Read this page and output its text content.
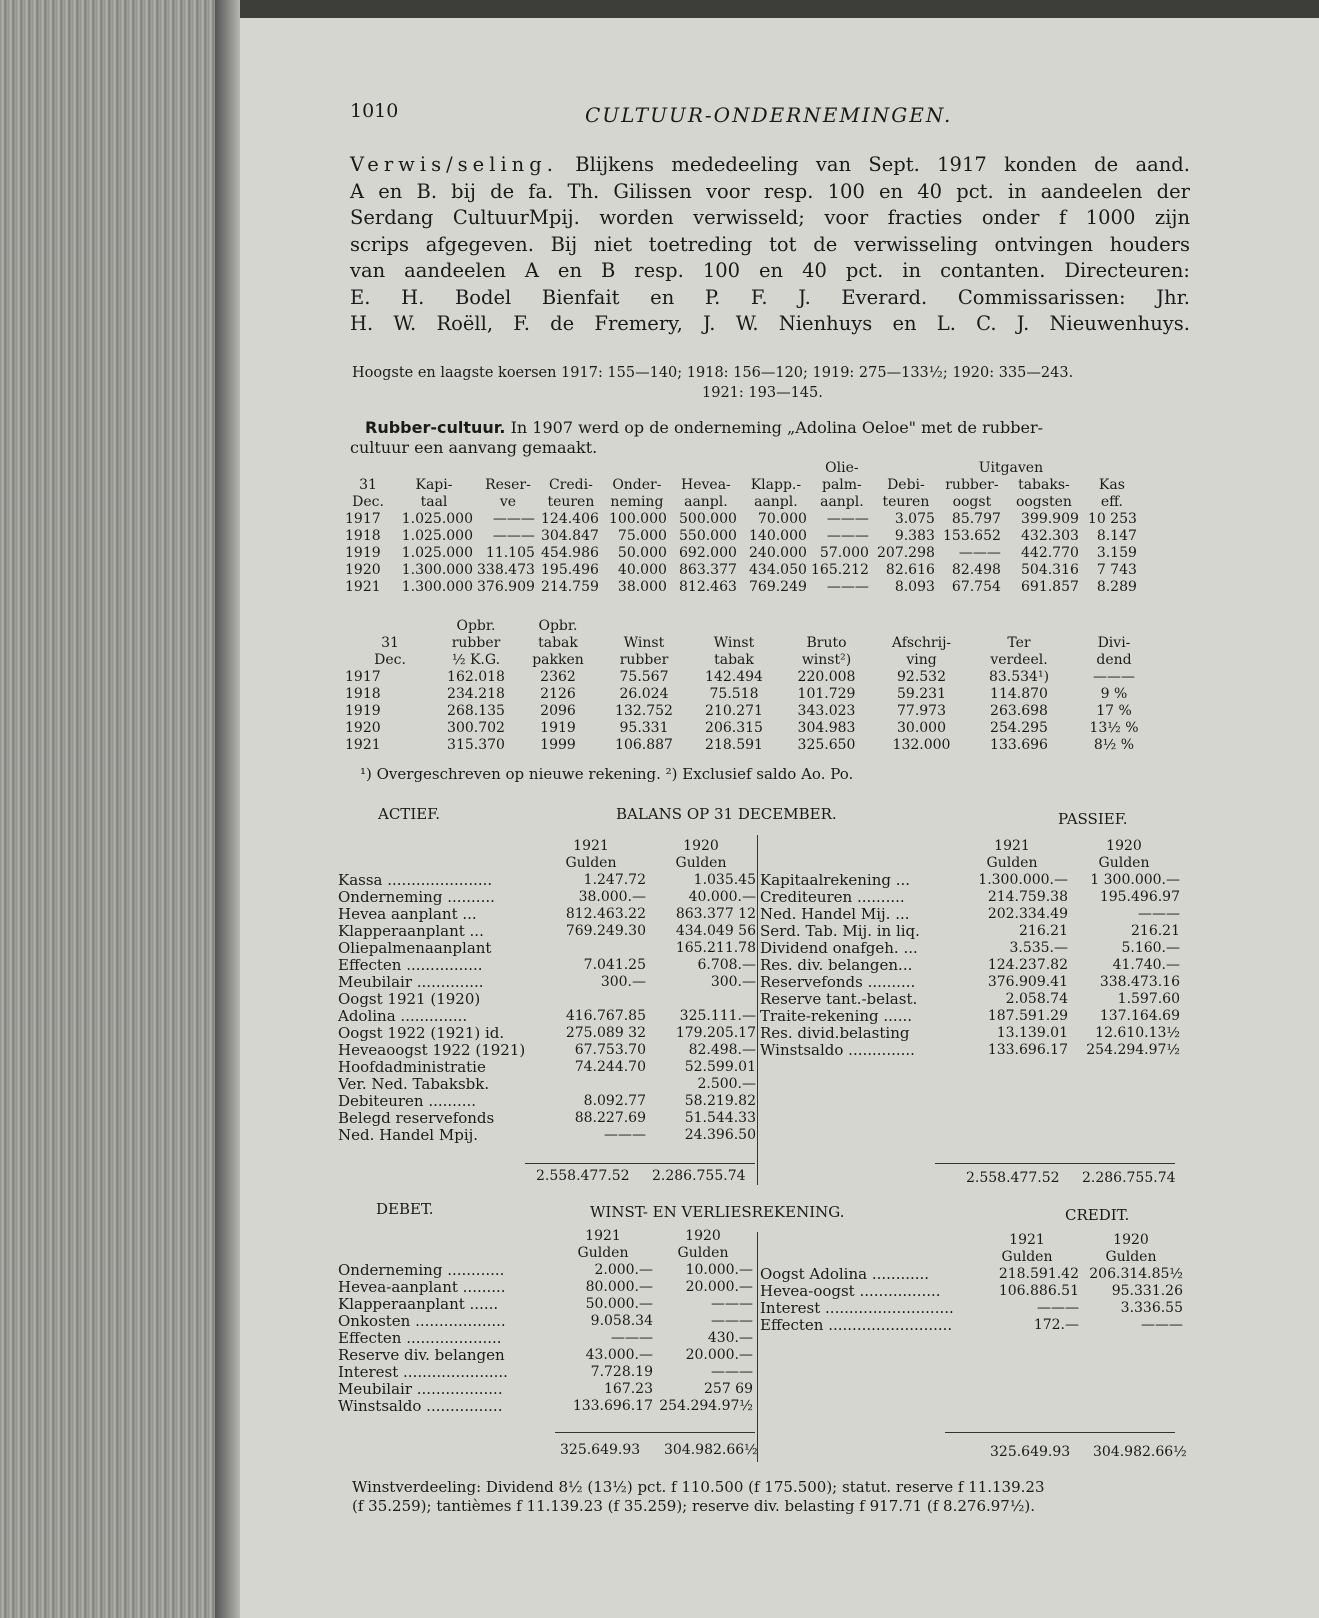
1010	CULTUUR-ONDERNEMINGEN.
Verwis/seling. Blijkens mededeeling van Sept. 1917 konden de aand.
A en B. bij de fa. Th. Gilissen voor resp. 100 en 40 pct. in aandeelen der
Serdang CultuurMpij. worden verwisseld; voor fracties onder f 1000 zijn
scrips afgegeven. Bij niet toetreding tot de verwisseling ontvingen houders
van aandeelen A en B resp. 100 en 40 pct. in contanten. Directeuren:
E. H. Bodel Bienfait en P. F. J. Everard. Commissarissen: Jhr.
H. W. Roëll, F. de Fremery, J. W. Nienhuys en L. C. J. Nieuwenhuys.
Hoogste en laagste koersen 1917: 155—140; 1918: 156—120; 1919: 275—133½; 1920: 335—243.
1921: 193—145.
Rubber-cultuur. In 1907 werd op de onderneming „Adolina Oeloe" met de rubber-
cultuur een aanvang gemaakt.
							Olie-		Uitgaven		
31	Kapi-	Reser-	Credi-	Onder-	Hevea-	Klapp.-	palm-	Debi-	rubber-	tabaks-	Kas
Dec.	taal	ve	teuren	neming	aanpl.	aanpl.	aanpl.	teuren	oogst	oogsten	eff.
1917	1.025.000	———	124.406	100.000	500.000	70.000	———	3.075	85.797	399.909	10 253
1918	1.025.000	———	304.847	75.000	550.000	140.000	———	9.383	153.652	432.303	8.147
1919	1.025.000	11.105	454.986	50.000	692.000	240.000	57.000	207.298	———	442.770	3.159
1920	1.300.000	338.473	195.496	40.000	863.377	434.050	165.212	82.616	82.498	504.316	7 743
1921	1.300.000	376.909	214.759	38.000	812.463	769.249	———	8.093	67.754	691.857	8.289
	Opbr.	Opbr.						
31	rubber	tabak	Winst	Winst	Bruto	Afschrij-	Ter	Divi-
Dec.	½ K.G.	pakken	rubber	tabak	winst²)	ving	verdeel.	dend
1917	162.018	2362	75.567	142.494	220.008	92.532	83.534¹)	———
1918	234.218	2126	26.024	75.518	101.729	59.231	114.870	9 %
1919	268.135	2096	132.752	210.271	343.023	77.973	263.698	17 %
1920	300.702	1919	95.331	206.315	304.983	30.000	254.295	13½ %
1921	315.370	1999	106.887	218.591	325.650	132.000	133.696	8½ %
¹) Overgeschreven op nieuwe rekening. ²) Exclusief saldo Ao. Po.
ACTIEF.	BALANS OP 31 DECEMBER.	PASSIEF.
	1921	1920
	Gulden	Gulden
Kassa ......................	1.247.72	1.035.45
Onderneming ..........	38.000.—	40.000.—
Hevea aanplant ...	812.463.22	863.377 12
Klapperaanplant ...	769.249.30	434.049 56
Oliepalmenaanplant		165.211.78
Effecten ................	7.041.25	6.708.—
Meubilair ..............	300.—	300.—
Oogst 1921 (1920)		
Adolina ..............	416.767.85	325.111.—
Oogst 1922 (1921) id.	275.089 32	179.205.17
Heveaoogst 1922 (1921)	67.753.70	82.498.—
Hoofdadministratie	74.244.70	52.599.01
Ver. Ned. Tabaksbk.		2.500.—
Debiteuren ..........	8.092.77	58.219.82
Belegd reservefonds	88.227.69	51.544.33
Ned. Handel Mpij.	———	24.396.50
	1921	1920
	Gulden	Gulden
Kapitaalrekening ...	1.300.000.—	1 300.000.—
Crediteuren ..........	214.759.38	195.496.97
Ned. Handel Mij. ...	202.334.49	———
Serd. Tab. Mij. in liq.	216.21	216.21
Dividend onafgeh. ...	3.535.—	5.160.—
Res. div. belangen...	124.237.82	41.740.—
Reservefonds ..........	376.909.41	338.473.16
Reserve tant.-belast.	2.058.74	1.597.60
Traite-rekening ......	187.591.29	137.164.69
Res. divid.belasting	13.139.01	12.610.13½
Winstsaldo ..............	133.696.17	254.294.97½
2.558.477.52 2.286.755.74	2.558.477.52 2.286.755.74
DEBET.	WINST- EN VERLIESREKENING.	CREDIT.
	1921	1920
	Gulden	Gulden
Onderneming ............	2.000.—	10.000.—
Hevea-aanplant .........	80.000.—	20.000.—
Klapperaanplant ......	50.000.—	———
Onkosten ...................	9.058.34	———
Effecten ....................	———	430.—
Reserve div. belangen	43.000.—	20.000.—
Interest ......................	7.728.19	———
Meubilair ..................	167.23	257 69
Winstsaldo ................	133.696.17	254.294.97½
	1921	1920
	Gulden	Gulden
Oogst Adolina ............	218.591.42	206.314.85½
Hevea-oogst .................	106.886.51	95.331.26
Interest ...........................	———	3.336.55
Effecten ..........................	172.—	———
325.649.93 304.982.66½	325.649.93 304.982.66½
Winstverdeeling: Dividend 8½ (13½) pct. f 110.500 (f 175.500); statut. reserve f 11.139.23
(f 35.259); tantièmes f 11.139.23 (f 35.259); reserve div. belasting f 917.71 (f 8.276.97½).
